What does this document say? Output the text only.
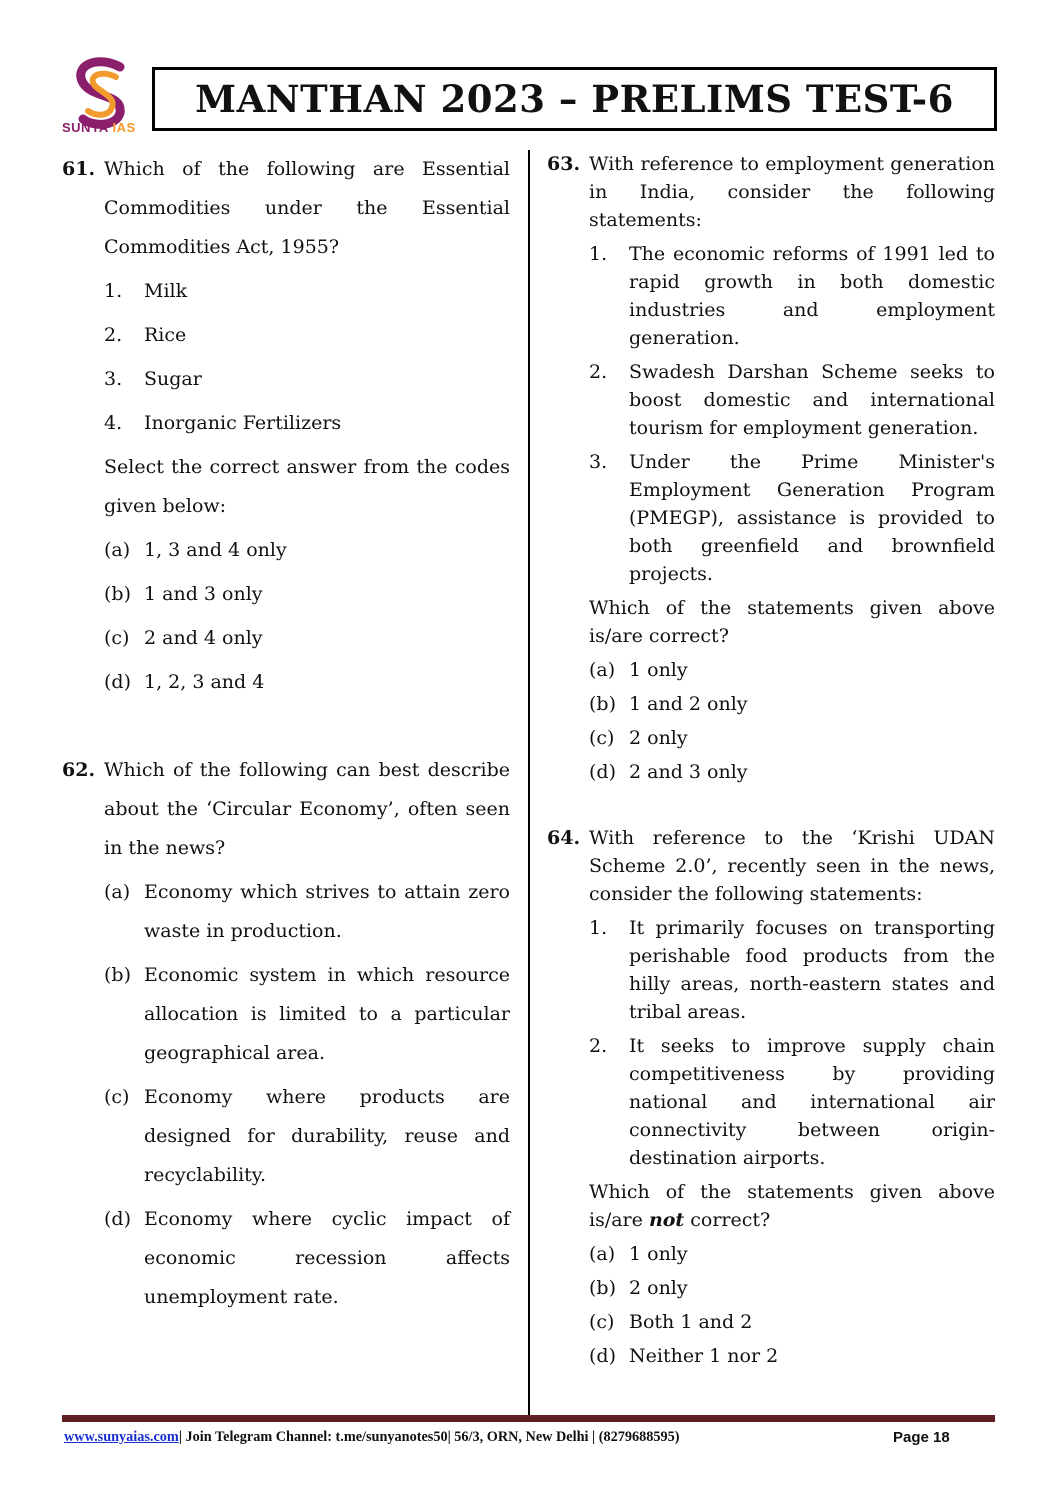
SUNYA IAS
MANTHAN 2023 – PRELIMS TEST-6
61. Which of the following are Essential Commodities under the Essential Commodities Act, 1955?
1. Milk
2. Rice
3. Sugar
4. Inorganic Fertilizers
Select the correct answer from the codes given below:
(a) 1, 3 and 4 only
(b) 1 and 3 only
(c) 2 and 4 only
(d) 1, 2, 3 and 4
62. Which of the following can best describe about the ‘Circular Economy’, often seen in the news?
(a) Economy which strives to attain zero waste in production.
(b) Economic system in which resource allocation is limited to a particular geographical area.
(c) Economy where products are designed for durability, reuse and recyclability.
(d) Economy where cyclic impact of economic recession affects unemployment rate.
63. With reference to employment generation in India, consider the following statements:
1. The economic reforms of 1991 led to rapid growth in both domestic industries and employment generation.
2. Swadesh Darshan Scheme seeks to boost domestic and international tourism for employment generation.
3. Under the Prime Minister's Employment Generation Program (PMEGP), assistance is provided to both greenfield and brownfield projects.
Which of the statements given above is/are correct?
(a) 1 only
(b) 1 and 2 only
(c) 2 only
(d) 2 and 3 only
64. With reference to the ‘Krishi UDAN Scheme 2.0’, recently seen in the news, consider the following statements:
1. It primarily focuses on transporting perishable food products from the hilly areas, north-eastern states and tribal areas.
2. It seeks to improve supply chain competitiveness by providing national and international air connectivity between origin-destination airports.
Which of the statements given above is/are not correct?
(a) 1 only
(b) 2 only
(c) Both 1 and 2
(d) Neither 1 nor 2
www.sunyaias.com| Join Telegram Channel: t.me/sunyanotes50| 56/3, ORN, New Delhi | (8279688595)	Page 18
